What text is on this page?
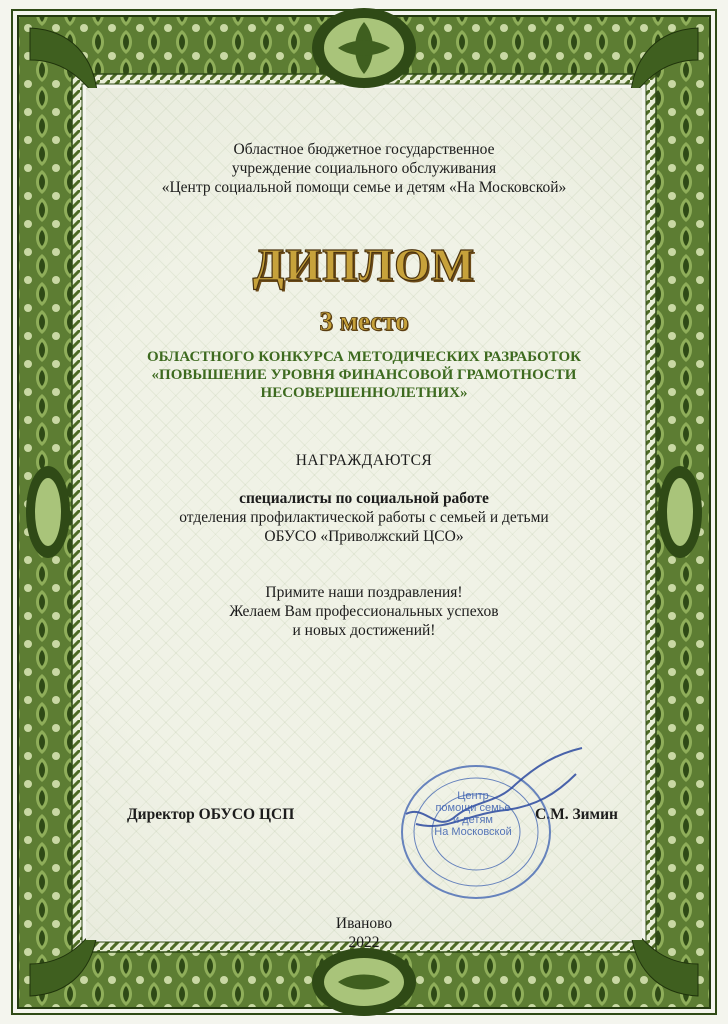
Областное бюджетное государственное
учреждение социального обслуживания
«Центр социальной помощи семье и детям «На Московской»
ДИПЛОМ
3 место
ОБЛАСТНОГО КОНКУРСА МЕТОДИЧЕСКИХ РАЗРАБОТОК
«ПОВЫШЕНИЕ УРОВНЯ ФИНАНСОВОЙ ГРАМОТНОСТИ
НЕСОВЕРШЕННОЛЕТНИХ»
НАГРАЖДАЮТСЯ
специалисты по социальной работе
отделения профилактической работы с семьей и детьми
ОБУСО «Приволжский ЦСО»
Примите наши поздравления!
Желаем Вам профессиональных успехов
и новых достижений!
Директор ОБУСО ЦСП	С.М. Зимин
Центр
помощи семье
и детям
На Московской
Иваново
2022
